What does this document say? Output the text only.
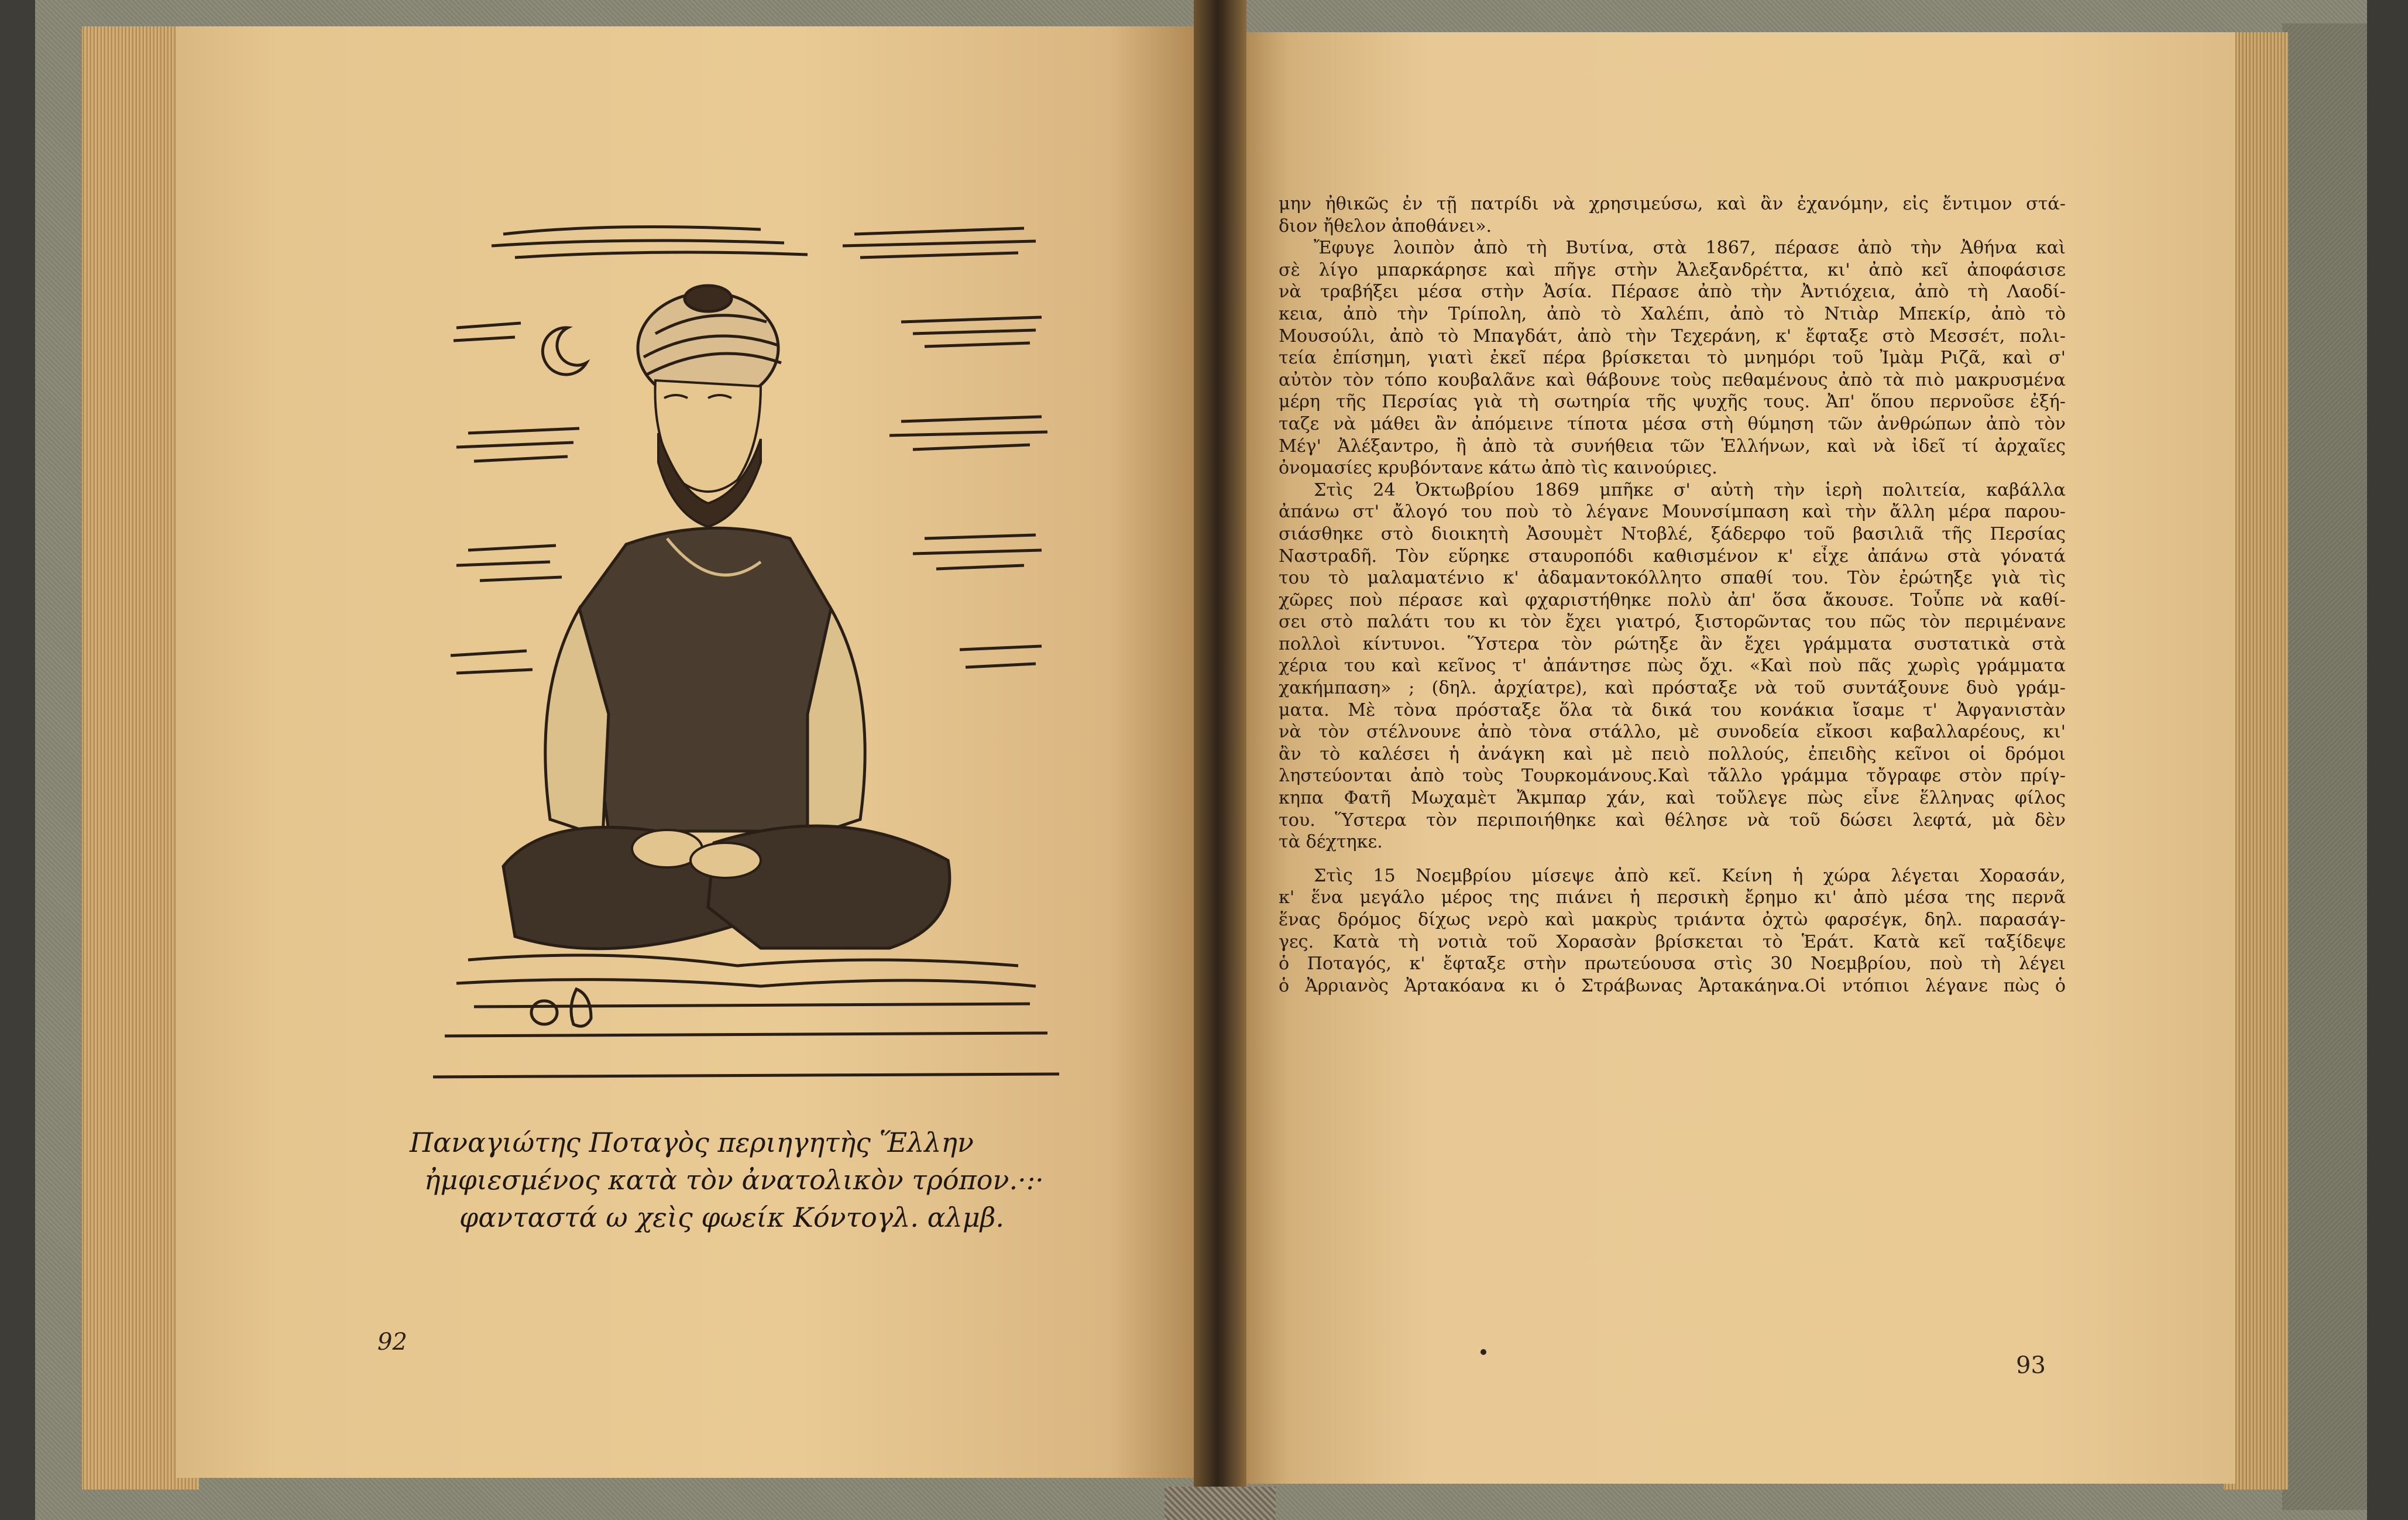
Παναγιώτης Ποταγὸς περιηγητὴς Ἕλλην
ἠμφιεσμένος κατὰ τὸν ἀνατολικὸν τρόπον.·:·
φανταστά ω χεὶς φωείκ Κόντογλ. αλμβ.
92
μην ἠθικῶς ἐν τῇ πατρίδι νὰ χρησιμεύσω, καὶ ἂν ἐχανόμην, εἰς ἔντιμον στά-
διον ἤθελον ἀποθάνει».
Ἔφυγε λοιπὸν ἀπὸ τὴ Βυτίνα, στὰ 1867, πέρασε ἀπὸ τὴν Ἀθήνα καὶ
σὲ λίγο μπαρκάρησε καὶ πῆγε στὴν Ἀλεξανδρέττα, κι' ἀπὸ κεῖ ἀποφάσισε
νὰ τραβήξει μέσα στὴν Ἀσία. Πέρασε ἀπὸ τὴν Ἀντιόχεια, ἀπὸ τὴ Λαοδί-
κεια, ἀπὸ τὴν Τρίπολη, ἀπὸ τὸ Χαλέπι, ἀπὸ τὸ Ντιὰρ Μπεκίρ, ἀπὸ τὸ
Μουσούλι, ἀπὸ τὸ Μπαγδάτ, ἀπὸ τὴν Τεχεράνη, κ' ἔφταξε στὸ Μεσσέτ, πολι-
τεία ἐπίσημη, γιατὶ ἐκεῖ πέρα βρίσκεται τὸ μνημόρι τοῦ Ἰμὰμ Ριζᾶ, καὶ σ'
αὐτὸν τὸν τόπο κουβαλᾶνε καὶ θάβουνε τοὺς πεθαμένους ἀπὸ τὰ πιὸ μακρυσμένα
μέρη τῆς Περσίας γιὰ τὴ σωτηρία τῆς ψυχῆς τους. Ἀπ' ὅπου περνοῦσε ἐξή-
ταζε νὰ μάθει ἂν ἀπόμεινε τίποτα μέσα στὴ θύμηση τῶν ἀνθρώπων ἀπὸ τὸν
Μέγ' Ἀλέξαντρο, ἢ ἀπὸ τὰ συνήθεια τῶν Ἑλλήνων, καὶ νὰ ἰδεῖ τί ἀρχαῖες
ὀνομασίες κρυβόντανε κάτω ἀπὸ τὶς καινούριες.
Στὶς 24 Ὀκτωβρίου 1869 μπῆκε σ' αὐτὴ τὴν ἱερὴ πολιτεία, καβάλλα
ἀπάνω στ' ἄλογό του ποὺ τὸ λέγανε Μουνσίμπαση καὶ τὴν ἄλλη μέρα παρου-
σιάσθηκε στὸ διοικητὴ Ἀσουμὲτ Ντοβλέ, ξάδερφο τοῦ βασιλιᾶ τῆς Περσίας
Ναστραδῆ. Τὸν εὕρηκε σταυροπόδι καθισμένον κ' εἶχε ἀπάνω στὰ γόνατά
του τὸ μαλαματένιο κ' ἀδαμαντοκόλλητο σπαθί του. Τὸν ἐρώτηξε γιὰ τὶς
χῶρες ποὺ πέρασε καὶ φχαριστήθηκε πολὺ ἀπ' ὅσα ἄκουσε. Τοὖπε νὰ καθί-
σει στὸ παλάτι του κι τὸν ἔχει γιατρό, ξιστορῶντας του πῶς τὸν περιμένανε
πολλοὶ κίντυνοι. Ὕστερα τὸν ρώτηξε ἂν ἔχει γράμματα συστατικὰ στὰ
χέρια του καὶ κεῖνος τ' ἀπάντησε πὼς ὄχι. «Καὶ ποὺ πᾶς χωρὶς γράμματα
χακήμπαση» ; (δηλ. ἀρχίατρε), καὶ πρόσταξε νὰ τοῦ συντάξουνε δυὸ γράμ-
ματα. Μὲ τὸνα πρόσταξε ὅλα τὰ δικά του κονάκια ἴσαμε τ' Ἀφγανιστὰν
νὰ τὸν στέλνουνε ἀπὸ τὸνα στάλλο, μὲ συνοδεία εἴκοσι καβαλλαρέους, κι'
ἂν τὸ καλέσει ἡ ἀνάγκη καὶ μὲ πειὸ πολλούς, ἐπειδὴς κεῖνοι οἱ δρόμοι
ληστεύονται ἀπὸ τοὺς Τουρκομάνους.Καὶ τἄλλο γράμμα τὄγραφε στὸν πρίγ-
κηπα Φατῆ Μωχαμὲτ Ἄκμπαρ χάν, καὶ τοὔλεγε πὼς εἶνε ἕλληνας φίλος
του. Ὕστερα τὸν περιποιήθηκε καὶ θέλησε νὰ τοῦ δώσει λεφτά, μὰ δὲν
τὰ δέχτηκε.
Στὶς 15 Νοεμβρίου μίσεψε ἀπὸ κεῖ. Κείνη ἡ χώρα λέγεται Χορασάν,
κ' ἕνα μεγάλο μέρος της πιάνει ἡ περσικὴ ἔρημο κι' ἀπὸ μέσα της περνᾶ
ἕνας δρόμος δίχως νερὸ καὶ μακρὺς τριάντα ὀχτὼ φαρσέγκ, δηλ. παρασάγ-
γες. Κατὰ τὴ νοτιὰ τοῦ Χορασὰν βρίσκεται τὸ Ἑράτ. Κατὰ κεῖ ταξίδεψε
ὁ Ποταγός, κ' ἔφταξε στὴν πρωτεύουσα στὶς 30 Νοεμβρίου, ποὺ τὴ λέγει
ὁ Ἀρριανὸς Ἀρτακόανα κι ὁ Στράβωνας Ἀρτακάηνα.Οἱ ντόπιοι λέγανε πὼς ὁ
93
